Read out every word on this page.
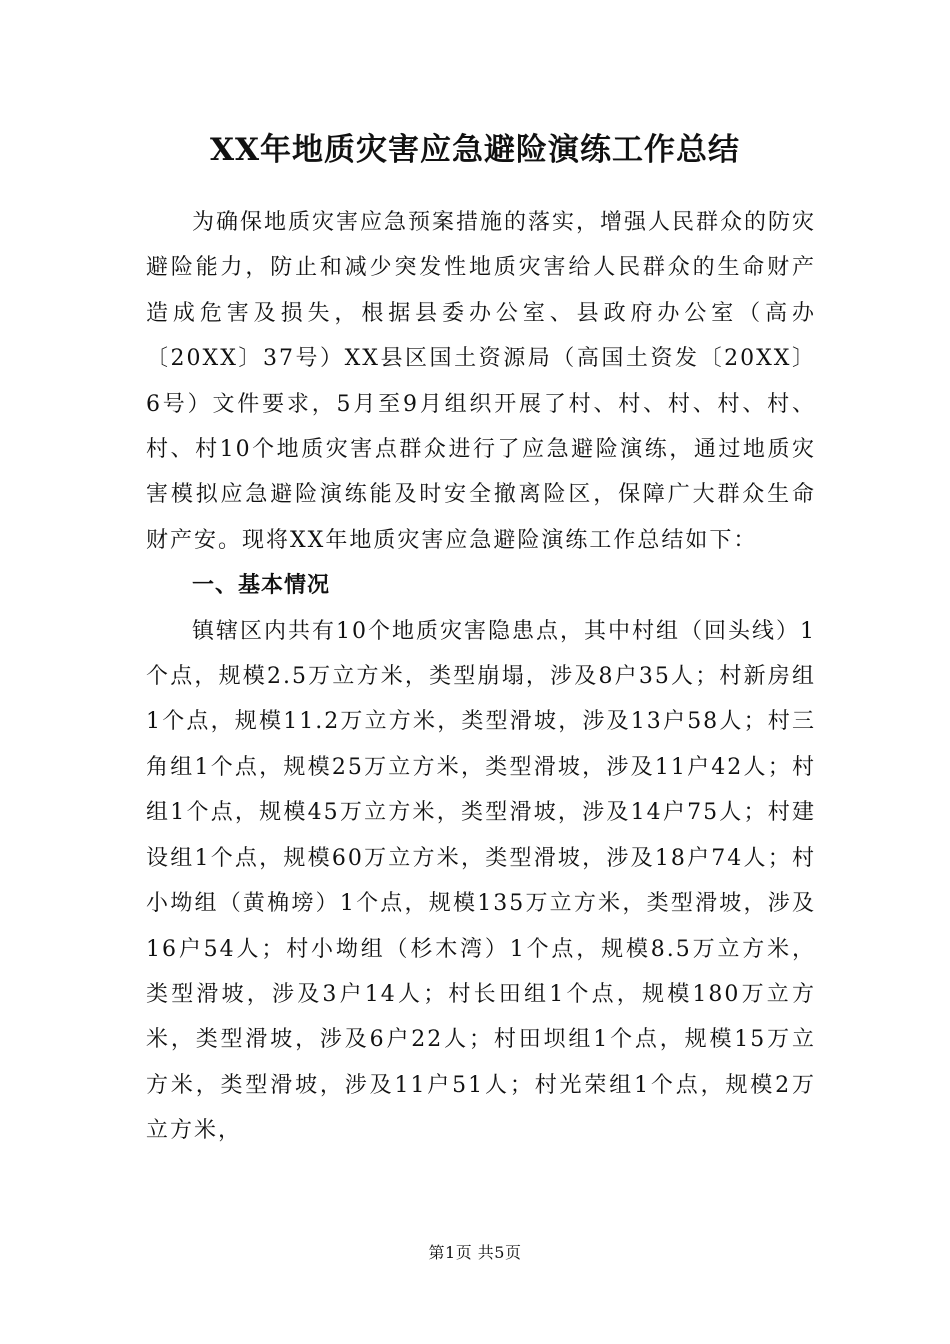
XX年地质灾害应急避险演练工作总结

为确保地质灾害应急预案措施的落实，增强人民群众的防灾避险能力，防止和减少突发性地质灾害给人民群众的生命财产造成危害及损失，根据县委办公室、县政府办公室（高办〔20XX〕37号）XX县区国土资源局（高国土资发〔20XX〕6号）文件要求，5月至9月组织开展了村、村、村、村、村、村、村10个地质灾害点群众进行了应急避险演练，通过地质灾害模拟应急避险演练能及时安全撤离险区，保障广大群众生命财产安。现将XX年地质灾害应急避险演练工作总结如下：

一、基本情况

镇辖区内共有10个地质灾害隐患点，其中村组（回头线）1个点，规模2.5万立方米，类型崩塌，涉及8户35人；村新房组1个点，规模11.2万立方米，类型滑坡，涉及13户58人；村三角组1个点，规模25万立方米，类型滑坡，涉及11户42人；村组1个点，规模45万立方米，类型滑坡，涉及14户75人；村建设组1个点，规模60万立方米，类型滑坡，涉及18户74人；村小坳组（黄桷塝）1个点，规模135万立方米，类型滑坡，涉及16户54人；村小坳组（杉木湾）1个点，规模8.5万立方米，类型滑坡，涉及3户14人；村长田组1个点，规模180万立方米，类型滑坡，涉及6户22人；村田坝组1个点，规模15万立方米，类型滑坡，涉及11户51人；村光荣组1个点，规模2万立方米，

第1页 共5页
